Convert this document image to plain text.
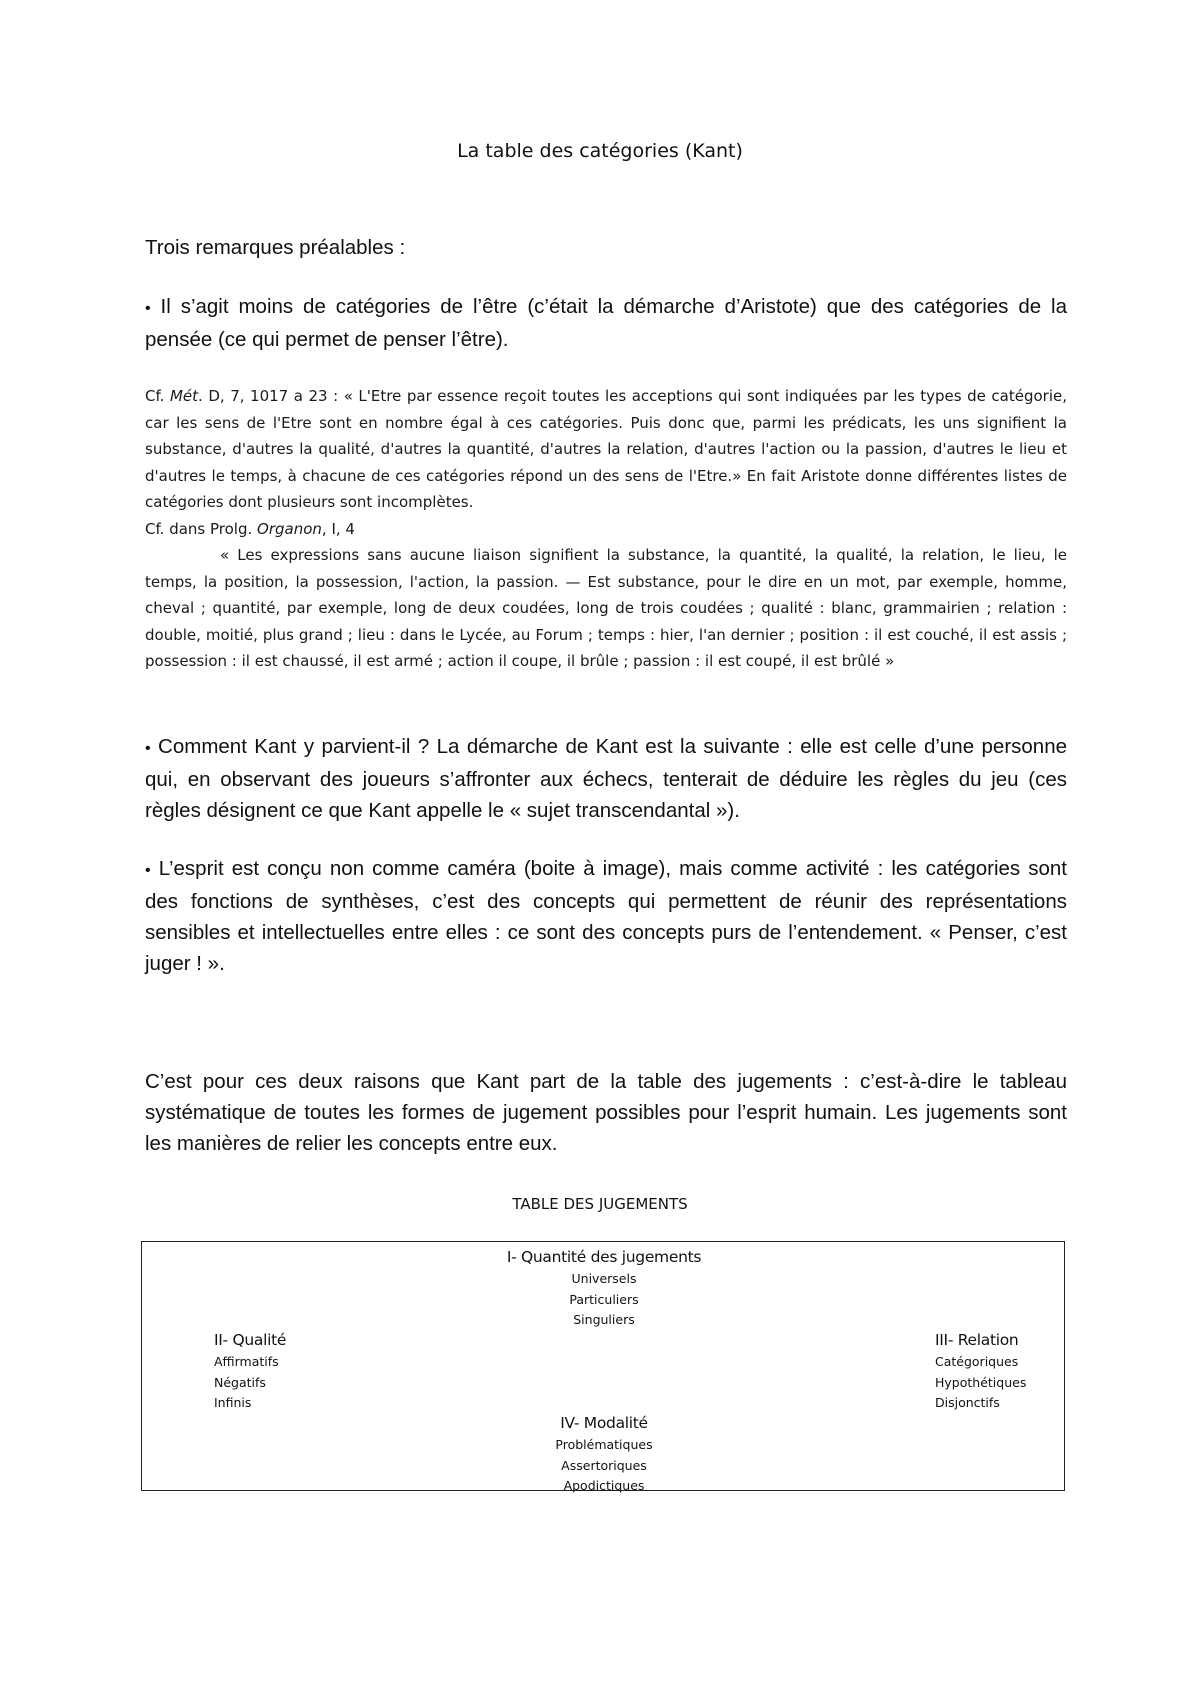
La table des catégories (Kant)
Trois remarques préalables :

• Il s’agit moins de catégories de l’être (c’était la démarche d’Aristote) que des catégories de la pensée (ce qui permet de penser l’être).

Cf. Mét. D, 7, 1017 a 23 : « L'Etre par essence reçoit toutes les acceptions qui sont indiquées par les types de catégorie, car les sens de l'Etre sont en nombre égal à ces catégories. Puis donc que, parmi les prédicats, les uns signifient la substance, d'autres la qualité, d'autres la quantité, d'autres la relation, d'autres l'action ou la passion, d'autres le lieu et d'autres le temps, à chacune de ces catégories répond un des sens de l'Etre.» En fait Aristote donne différentes listes de catégories dont plusieurs sont incomplètes.

Cf. dans Prolg. Organon, I, 4

« Les expressions sans aucune liaison signifient la substance, la quantité, la qualité, la relation, le lieu, le temps, la position, la possession, l'action, la passion. — Est substance, pour le dire en un mot, par exemple, homme, cheval ; quantité, par exemple, long de deux coudées, long de trois coudées ; qualité : blanc, grammairien ; relation : double, moitié, plus grand ; lieu : dans le Lycée, au Forum ; temps : hier, l'an dernier ; position : il est couché, il est assis ; possession : il est chaussé, il est armé ; action il coupe, il brûle ; passion : il est coupé, il est brûlé »

• Comment Kant y parvient-il ? La démarche de Kant est la suivante : elle est celle d’une personne qui, en observant des joueurs s’affronter aux échecs, tenterait de déduire les règles du jeu (ces règles désignent ce que Kant appelle le « sujet transcendantal »).

• L’esprit est conçu non comme caméra (boite à image), mais comme activité : les catégories sont des fonctions de synthèses, c’est des concepts qui permettent de réunir des représentations sensibles et intellectuelles entre elles : ce sont des concepts purs de l’entendement. « Penser, c’est juger ! ».

C’est pour ces deux raisons que Kant part de la table des jugements : c’est-à-dire le tableau systématique de toutes les formes de jugement possibles pour l’esprit humain. Les jugements sont les manières de relier les concepts entre eux.
TABLE DES JUGEMENTS
I- Quantité des jugements
Universels
Particuliers
Singuliers
II- Qualité
Affirmatifs
Négatifs
Infinis
III- Relation
Catégoriques
Hypothétiques
Disjonctifs
IV- Modalité
Problématiques
Assertoriques
Apodictiques
